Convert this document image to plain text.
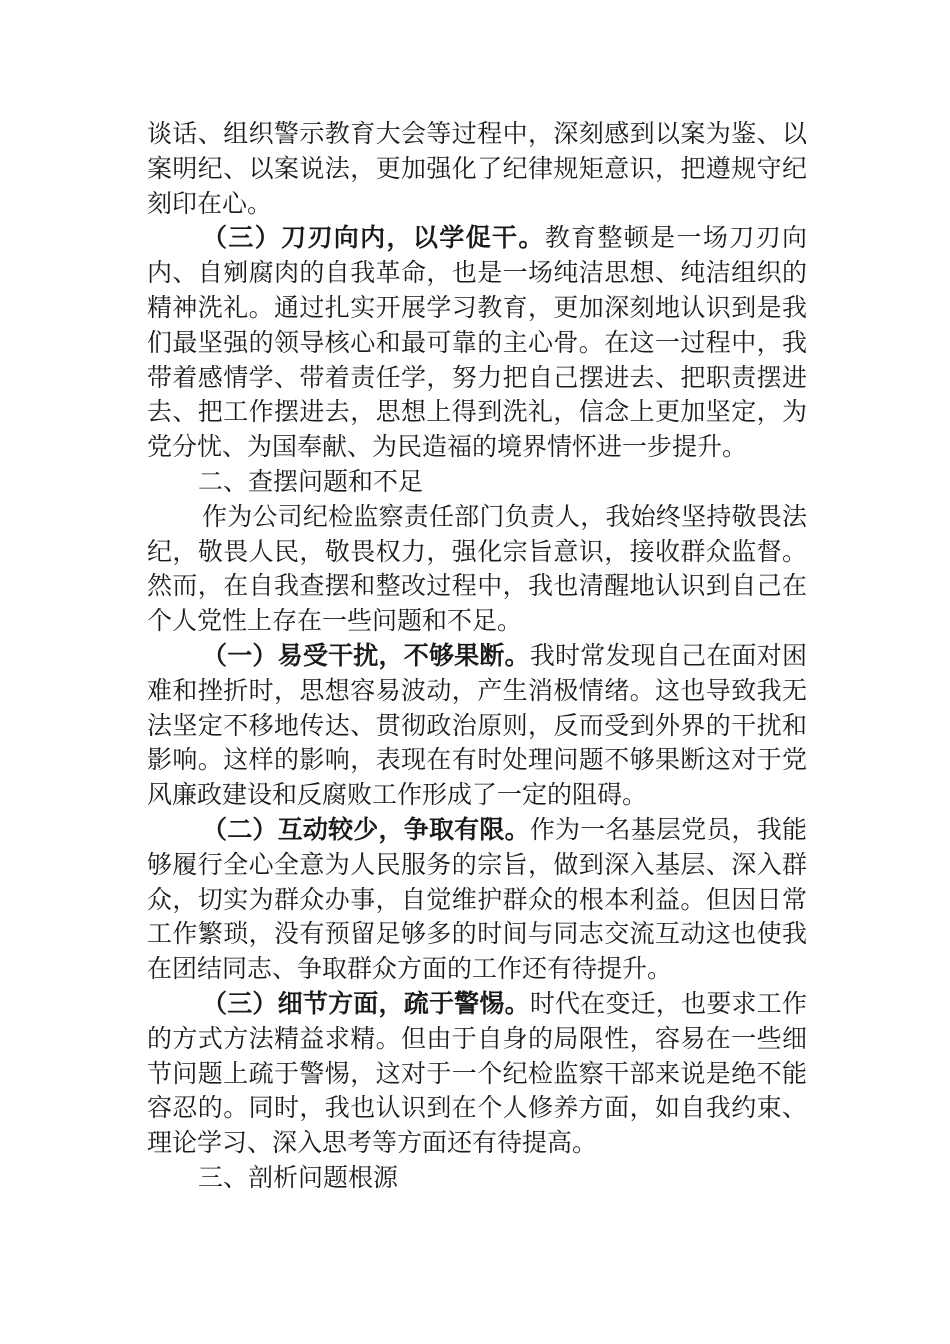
谈话、组织警示教育大会等过程中，深刻感到以案为鉴、以案明纪、以案说法，更加强化了纪律规矩意识，把遵规守纪刻印在心。

（三）刀刃向内，以学促干。教育整顿是一场刀刃向内、自剜腐肉的自我革命，也是一场纯洁思想、纯洁组织的精神洗礼。通过扎实开展学习教育，更加深刻地认识到是我们最坚强的领导核心和最可靠的主心骨。在这一过程中，我带着感情学、带着责任学，努力把自己摆进去、把职责摆进去、把工作摆进去，思想上得到洗礼，信念上更加坚定，为党分忧、为国奉献、为民造福的境界情怀进一步提升。

二、查摆问题和不足

作为公司纪检监察责任部门负责人，我始终坚持敬畏法纪，敬畏人民，敬畏权力，强化宗旨意识，接收群众监督。然而，在自我查摆和整改过程中，我也清醒地认识到自己在个人党性上存在一些问题和不足。

（一）易受干扰，不够果断。我时常发现自己在面对困难和挫折时，思想容易波动，产生消极情绪。这也导致我无法坚定不移地传达、贯彻政治原则，反而受到外界的干扰和影响。这样的影响，表现在有时处理问题不够果断这对于党风廉政建设和反腐败工作形成了一定的阻碍。

（二）互动较少，争取有限。作为一名基层党员，我能够履行全心全意为人民服务的宗旨，做到深入基层、深入群众，切实为群众办事，自觉维护群众的根本利益。但因日常工作繁琐，没有预留足够多的时间与同志交流互动这也使我在团结同志、争取群众方面的工作还有待提升。

（三）细节方面，疏于警惕。时代在变迁，也要求工作的方式方法精益求精。但由于自身的局限性，容易在一些细节问题上疏于警惕，这对于一个纪检监察干部来说是绝不能容忍的。同时，我也认识到在个人修养方面，如自我约束、理论学习、深入思考等方面还有待提高。

三、剖析问题根源
